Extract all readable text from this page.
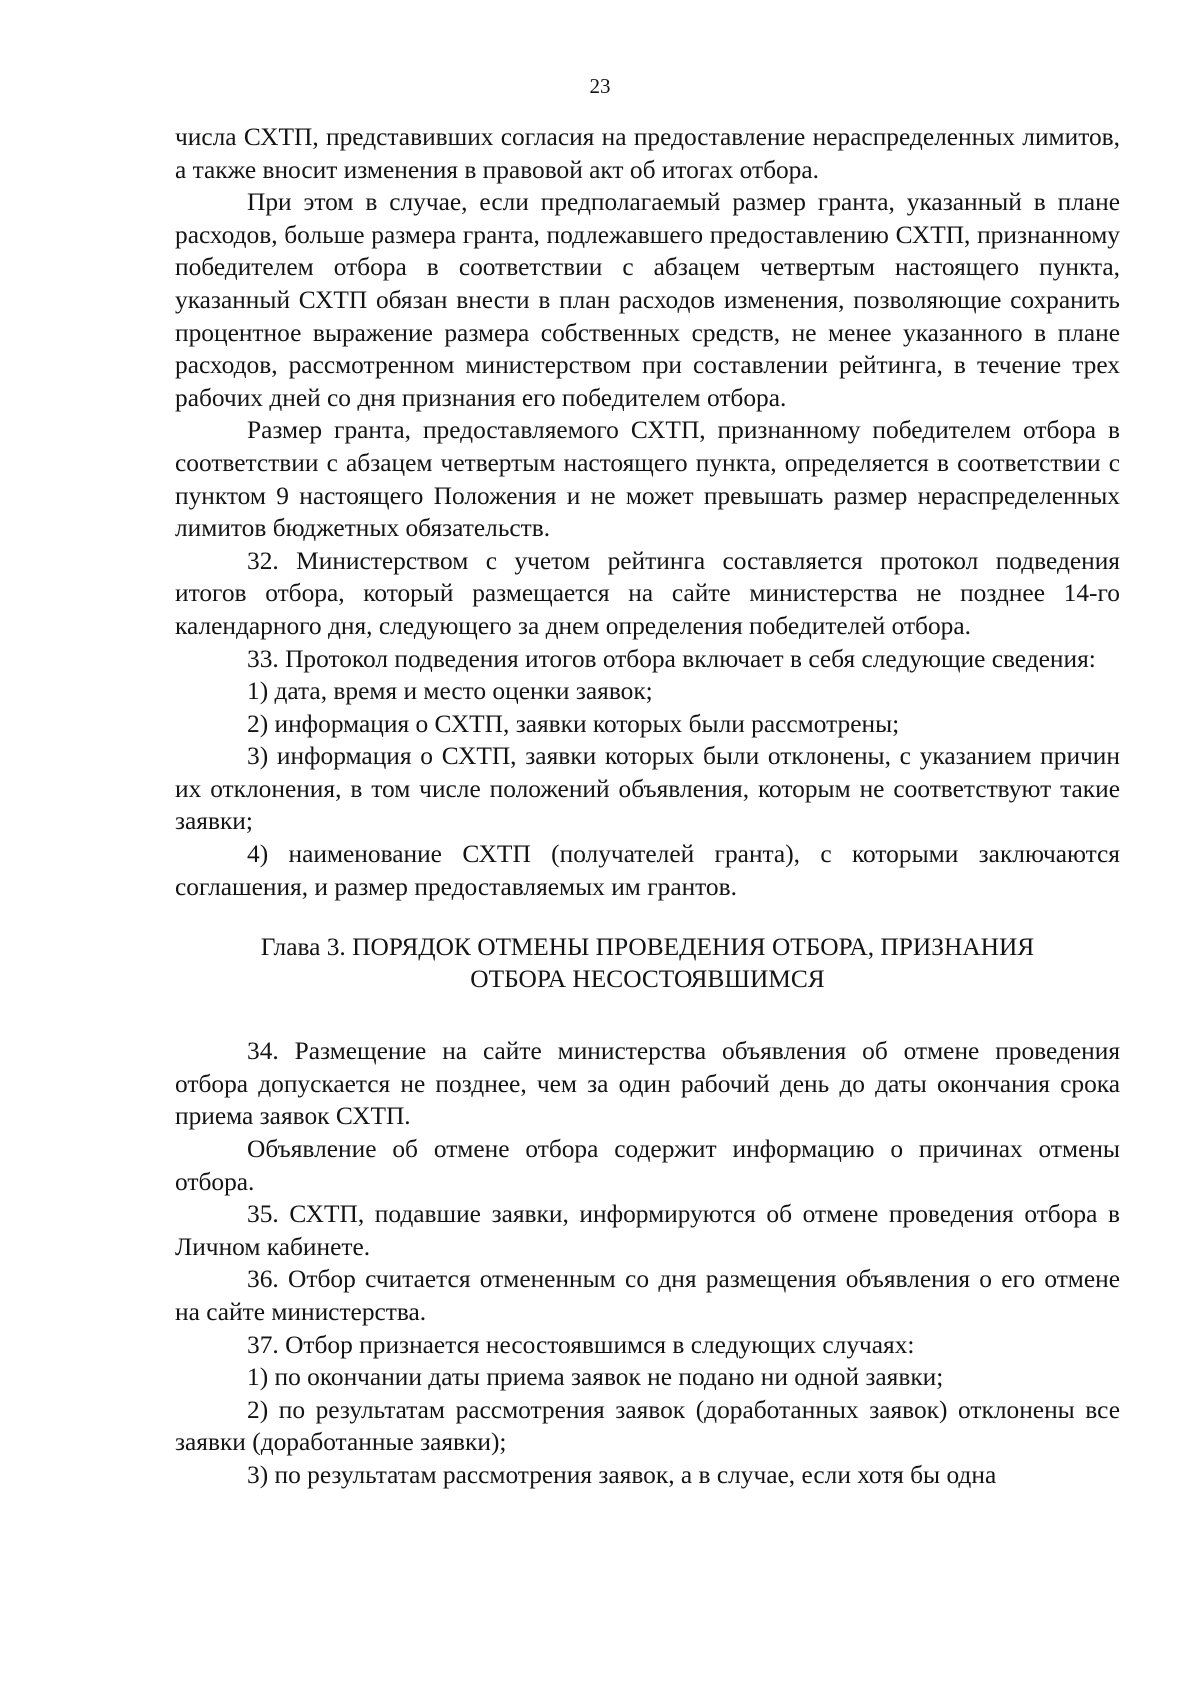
23

числа СХТП, представивших согласия на предоставление нераспределенных лимитов, а также вносит изменения в правовой акт об итогах отбора.

При этом в случае, если предполагаемый размер гранта, указанный в плане расходов, больше размера гранта, подлежавшего предоставлению СХТП, признанному победителем отбора в соответствии с абзацем четвертым настоящего пункта, указанный СХТП обязан внести в план расходов изменения, позволяющие сохранить процентное выражение размера собственных средств, не менее указанного в плане расходов, рассмотренном министерством при составлении рейтинга, в течение трех рабочих дней со дня признания его победителем отбора.

Размер гранта, предоставляемого СХТП, признанному победителем отбора в соответствии с абзацем четвертым настоящего пункта, определяется в соответствии с пунктом 9 настоящего Положения и не может превышать размер нераспределенных лимитов бюджетных обязательств.

32. Министерством с учетом рейтинга составляется протокол подведения итогов отбора, который размещается на сайте министерства не позднее 14-го календарного дня, следующего за днем определения победителей отбора.

33. Протокол подведения итогов отбора включает в себя следующие сведения:

1) дата, время и место оценки заявок;

2) информация о СХТП, заявки которых были рассмотрены;

3) информация о СХТП, заявки которых были отклонены, с указанием причин их отклонения, в том числе положений объявления, которым не соответствуют такие заявки;

4) наименование СХТП (получателей гранта), с которыми заключаются соглашения, и размер предоставляемых им грантов.

Глава 3. ПОРЯДОК ОТМЕНЫ ПРОВЕДЕНИЯ ОТБОРА, ПРИЗНАНИЯ
ОТБОРА НЕСОСТОЯВШИМСЯ

34. Размещение на сайте министерства объявления об отмене проведения отбора допускается не позднее, чем за один рабочий день до даты окончания срока приема заявок СХТП.

Объявление об отмене отбора содержит информацию о причинах отмены отбора.

35. СХТП, подавшие заявки, информируются об отмене проведения отбора в Личном кабинете.

36. Отбор считается отмененным со дня размещения объявления о его отмене на сайте министерства.

37. Отбор признается несостоявшимся в следующих случаях:

1) по окончании даты приема заявок не подано ни одной заявки;

2) по результатам рассмотрения заявок (доработанных заявок) отклонены все заявки (доработанные заявки);

3) по результатам рассмотрения заявок, а в случае, если хотя бы одна
